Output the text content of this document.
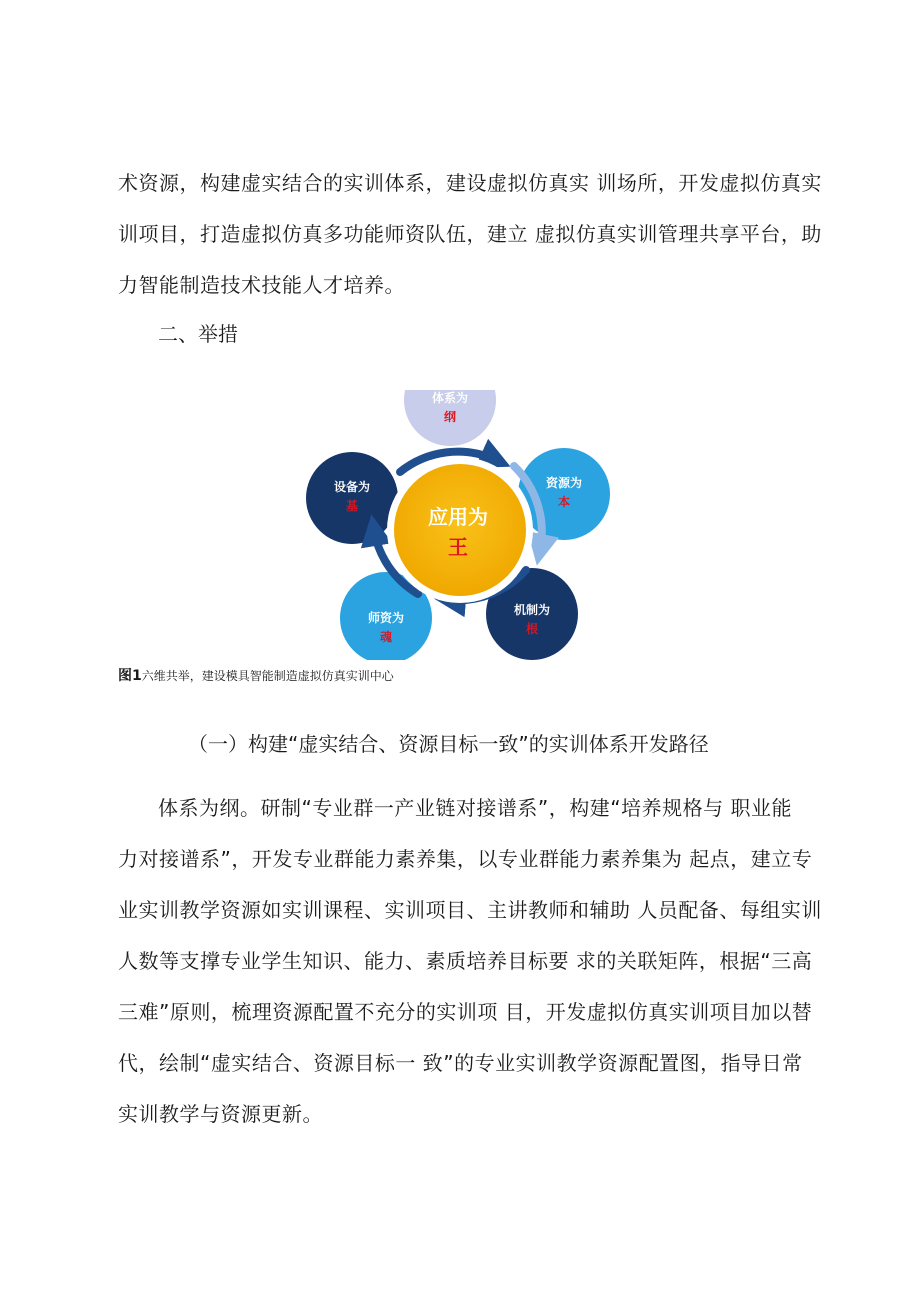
术资源，构建虚实结合的实训体系，建设虚拟仿真实 训场所，开发虚拟仿真实
训项目，打造虚拟仿真多功能师资队伍，建立 虚拟仿真实训管理共享平台，助
力智能制造技术技能人才培养。
二、举措
体系为
纲
设备为
基
资源为
本
机制为
根
师资为
魂
应用为
王
图1六维共举，建设模具智能制造虚拟仿真实训中心
（一）构建“虚实结合、资源目标一致”的实训体系开发路径
体系为纲。研制“专业群一产业链对接谱系”，构建“培养规格与 职业能
力对接谱系”，开发专业群能力素养集，以专业群能力素养集为 起点，建立专
业实训教学资源如实训课程、实训项目、主讲教师和辅助 人员配备、每组实训
人数等支撑专业学生知识、能力、素质培养目标要 求的关联矩阵，根据“三高
三难”原则，梳理资源配置不充分的实训项 目，开发虚拟仿真实训项目加以替
代，绘制“虚实结合、资源目标一 致”的专业实训教学资源配置图，指导日常
实训教学与资源更新。
